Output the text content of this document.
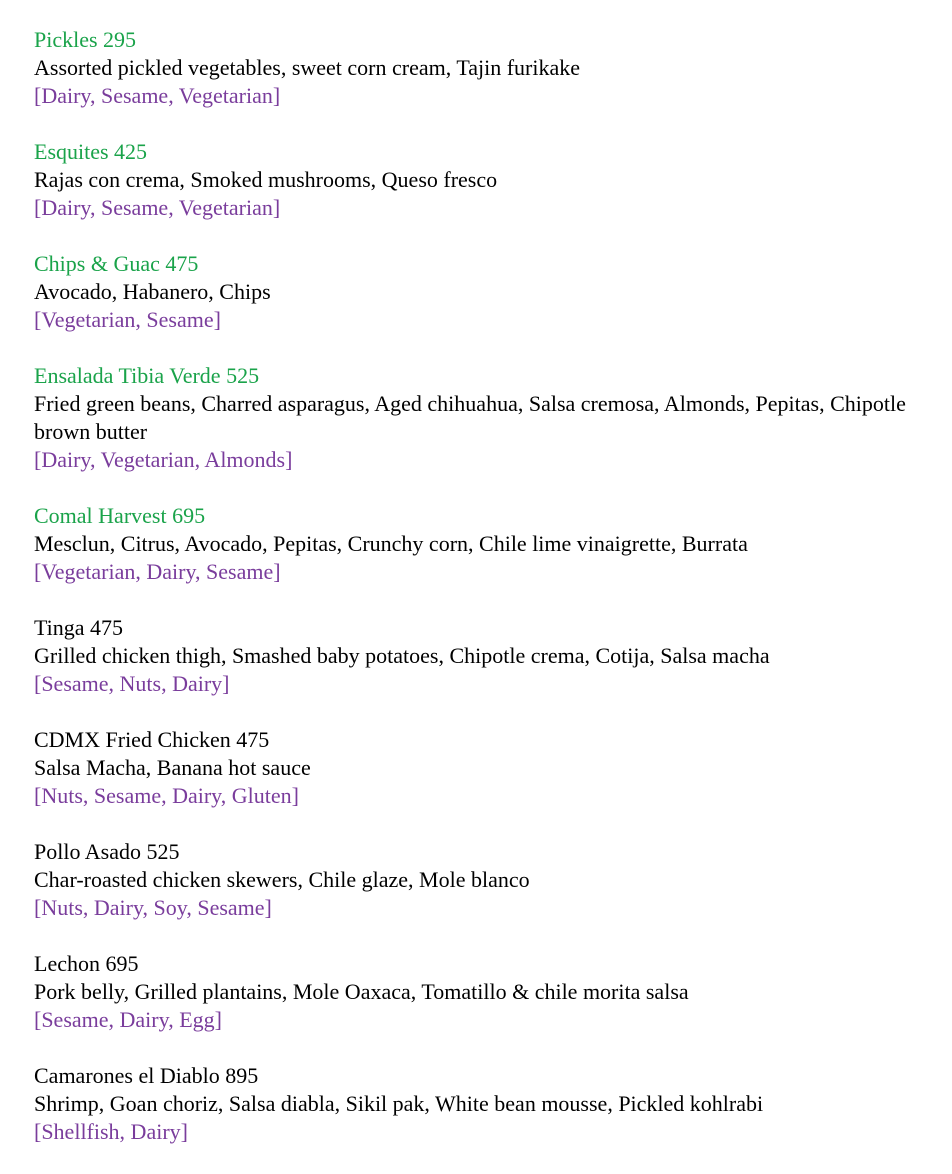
Pickles 295
Assorted pickled vegetables, sweet corn cream, Tajin furikake
[Dairy, Sesame, Vegetarian]
Esquites 425
Rajas con crema, Smoked mushrooms, Queso fresco
[Dairy, Sesame, Vegetarian]
Chips & Guac 475
Avocado, Habanero, Chips
[Vegetarian, Sesame]
Ensalada Tibia Verde 525
Fried green beans, Charred asparagus, Aged chihuahua, Salsa cremosa, Almonds, Pepitas, Chipotle brown butter
[Dairy, Vegetarian, Almonds]
Comal Harvest 695
Mesclun, Citrus, Avocado, Pepitas, Crunchy corn, Chile lime vinaigrette, Burrata
[Vegetarian, Dairy, Sesame]
Tinga 475
Grilled chicken thigh, Smashed baby potatoes, Chipotle crema, Cotija, Salsa macha
[Sesame, Nuts, Dairy]
CDMX Fried Chicken 475
Salsa Macha, Banana hot sauce
[Nuts, Sesame, Dairy, Gluten]
Pollo Asado 525
Char-roasted chicken skewers, Chile glaze, Mole blanco
[Nuts, Dairy, Soy, Sesame]
Lechon 695
Pork belly, Grilled plantains, Mole Oaxaca, Tomatillo & chile morita salsa
[Sesame, Dairy, Egg]
Camarones el Diablo 895
Shrimp, Goan choriz, Salsa diabla, Sikil pak, White bean mousse, Pickled kohlrabi
[Shellfish, Dairy]
